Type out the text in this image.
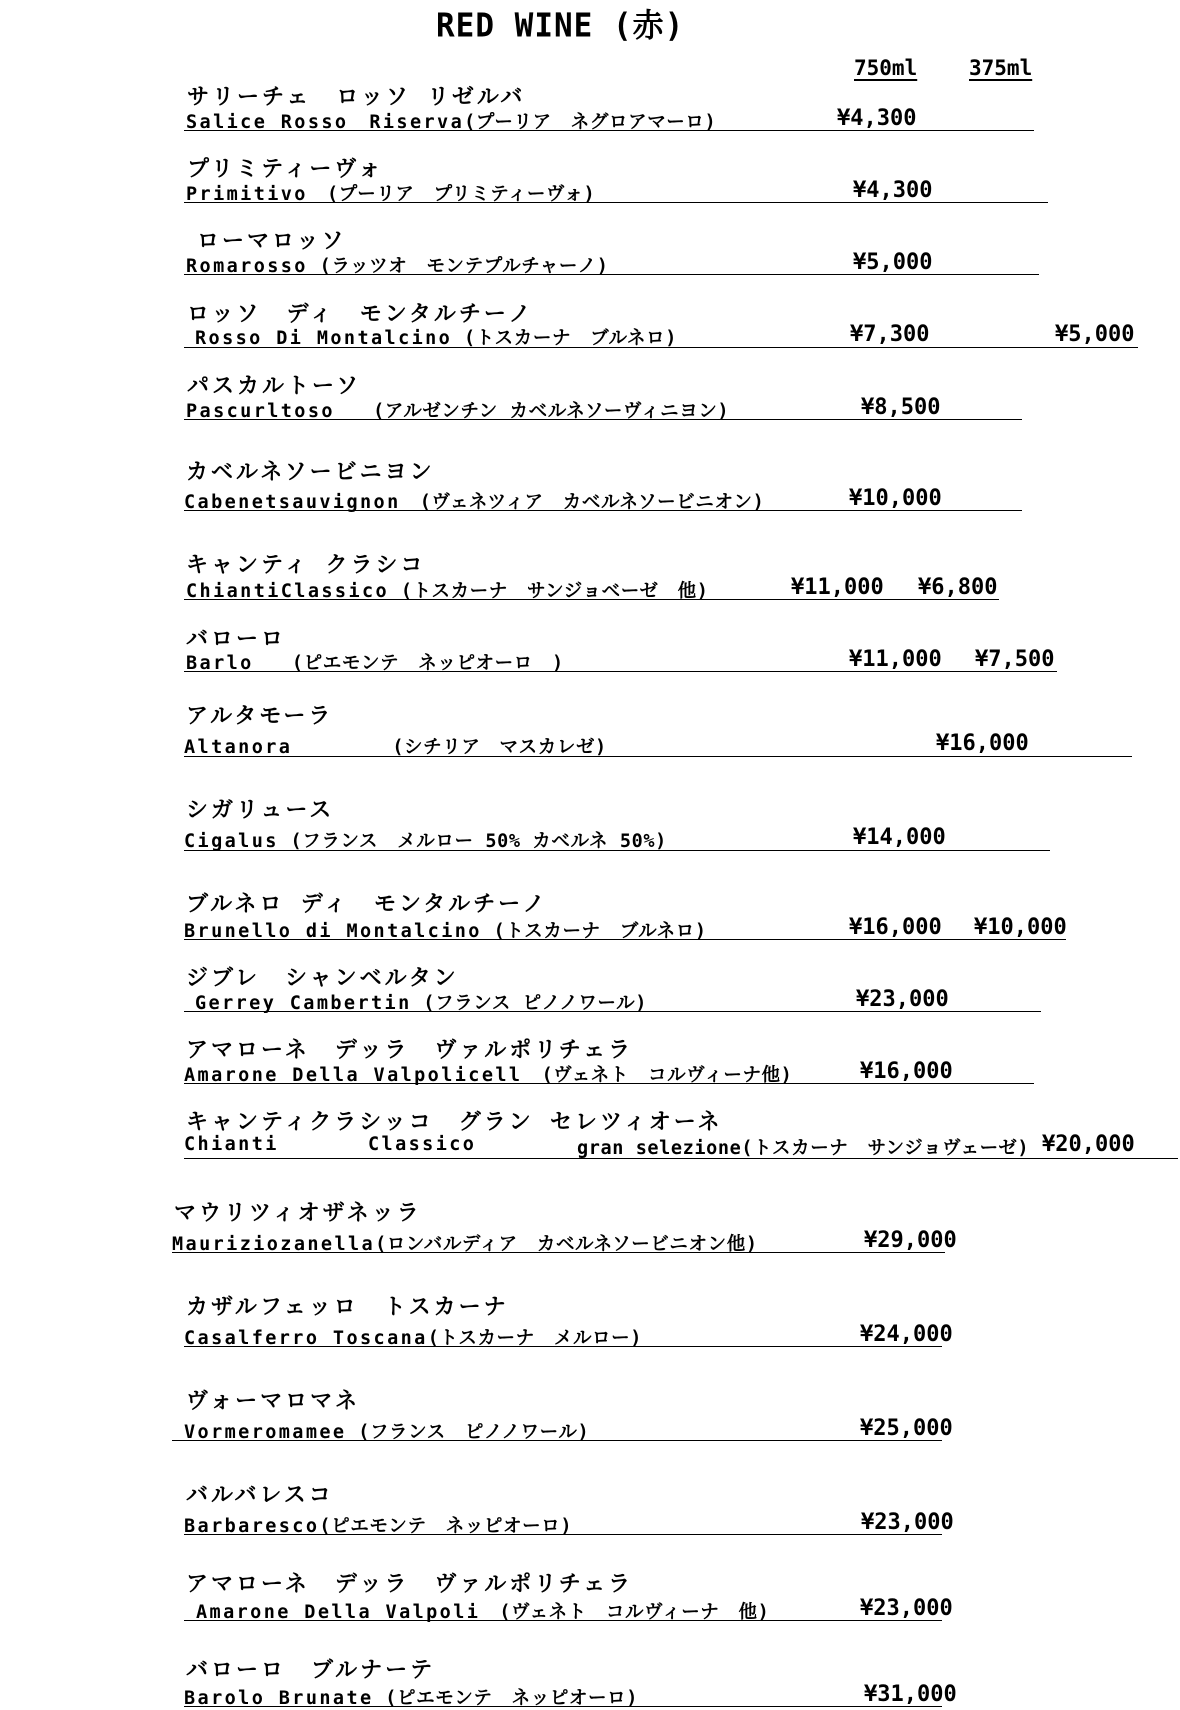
RED WINE (赤)
750ml 375ml
サリーチェ　ロッソ リゼルバ
Salice Rosso　Riserva(プーリア　ネグロアマーロ)	¥4,300
プリミティーヴォ
Primitivo　 (プーリア　プリミティーヴォ)	¥4,300
ローマロッソ
Romarosso (ラッツオ　モンテプルチャーノ)	¥5,000
ロッソ　ディ　モンタルチーノ
Rosso Di Montalcino (トスカーナ　ブルネロ)	¥7,300	¥5,000
パスカルトーソ
Pascurltoso　　 (アルゼンチン カベルネソーヴィニヨン)	¥8,500
カベルネソービニヨン
Cabenetsauvignon　 (ヴェネツィア　カベルネソービニオン)	¥10,000
キャンティ クラシコ
ChiantiClassico (トスカーナ　サンジョベーゼ　他)	¥11,000 ¥6,800
バローロ
Barlo　　 (ピエモンテ　ネッピオーロ　)	¥11,000 ¥7,500
アルタモーラ
Altanora	(シチリア　マスカレゼ)	¥16,000
シガリュース
Cigalus (フランス　メルロー 50% カベルネ 50%)	¥14,000
ブルネロ ディ　モンタルチーノ
Brunello di Montalcino (トスカーナ　ブルネロ)	¥16,000 ¥10,000
ジブレ　シャンベルタン
Gerrey Cambertin (フランス ピノノワール)	¥23,000
アマローネ　デッラ　ヴァルポリチェラ
Amarone Della Valpolicell　 (ヴェネト　コルヴィーナ他)	¥16,000
キャンティクラシッコ　グラン セレツィオーネ
Chianti	Classico	gran selezione(トスカーナ　サンジョヴェーゼ) ¥20,000
マウリツィオザネッラ
Mauriziozanella(ロンバルディア　カベルネソービニオン他)	¥29,000
カザルフェッロ　トスカーナ
Casalferro Toscana(トスカーナ　メルロー)	¥24,000
ヴォーマロマネ
Vormeromamee (フランス　ピノノワール)	¥25,000
バルバレスコ
Barbaresco(ピエモンテ　ネッピオーロ)	¥23,000
アマローネ　デッラ　ヴァルポリチェラ
Amarone Della Valpoli　 (ヴェネト　コルヴィーナ　他)	¥23,000
バローロ　ブルナーテ
Barolo Brunate (ピエモンテ　ネッピオーロ)	¥31,000
